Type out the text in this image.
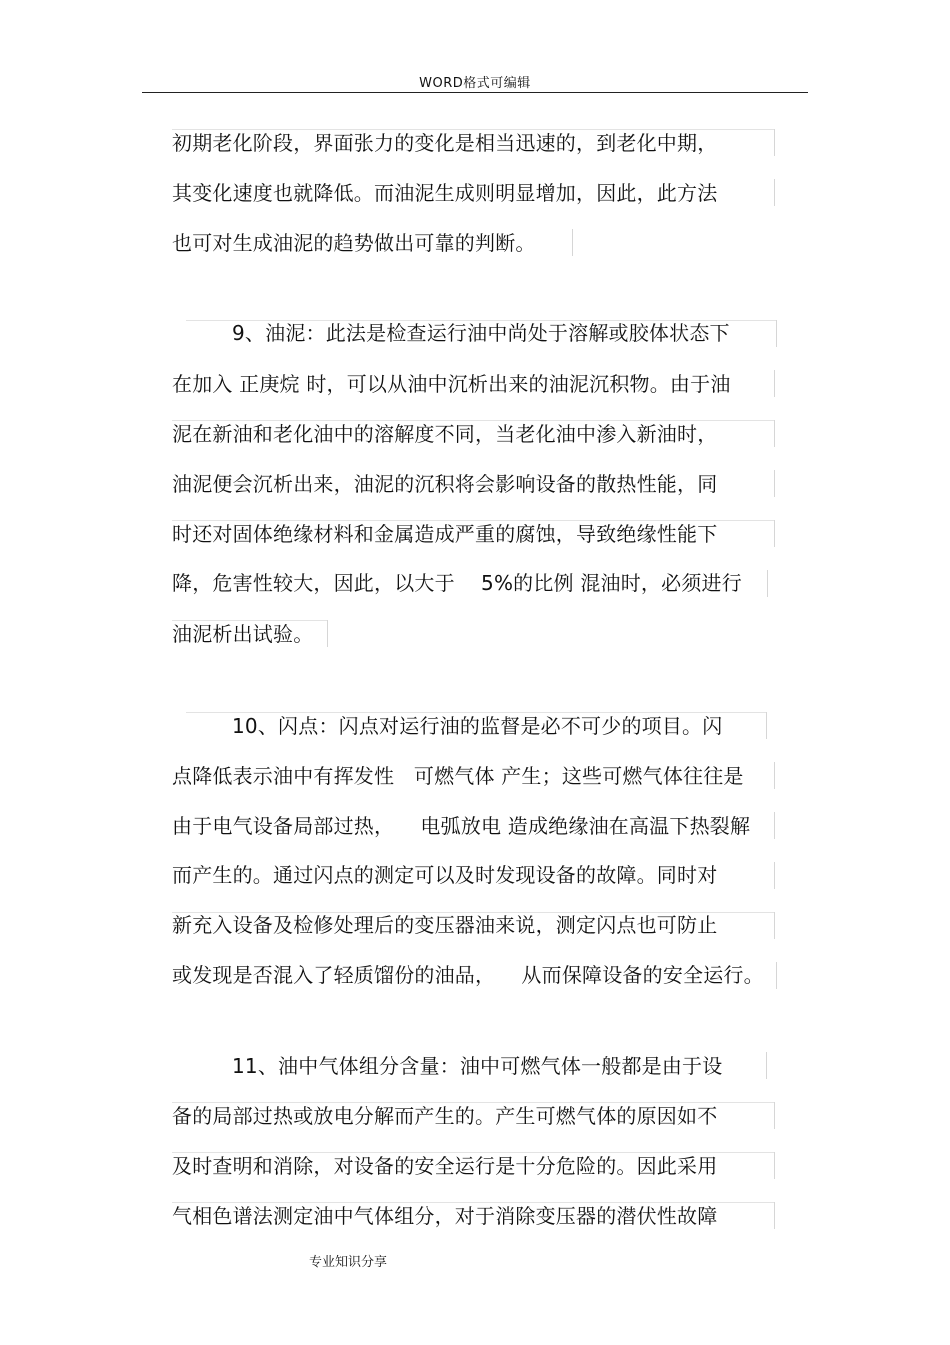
WORD格式可编辑
初期老化阶段，界面张力的变化是相当迅速的，到老化中期，
其变化速度也就降低。而油泥生成则明显增加，因此，此方法
也可对生成油泥的趋势做出可靠的判断。
9、油泥：此法是检查运行油中尚处于溶解或胶体状态下
在加入 正庚烷 时，可以从油中沉析出来的油泥沉积物。由于油
泥在新油和老化油中的溶解度不同，当老化油中渗入新油时，
油泥便会沉析出来，油泥的沉积将会影响设备的散热性能，同
时还对固体绝缘材料和金属造成严重的腐蚀，导致绝缘性能下
降，危害性较大，因此，以大于    5%的比例 混油时，必须进行
油泥析出试验。
10、闪点：闪点对运行油的监督是必不可少的项目。闪
点降低表示油中有挥发性   可燃气体 产生；这些可燃气体往往是
由于电气设备局部过热，    电弧放电 造成绝缘油在高温下热裂解
而产生的。通过闪点的测定可以及时发现设备的故障。同时对
新充入设备及检修处理后的变压器油来说，测定闪点也可防止
或发现是否混入了轻质馏份的油品，    从而保障设备的安全运行。
11、油中气体组分含量：油中可燃气体一般都是由于设
备的局部过热或放电分解而产生的。产生可燃气体的原因如不
及时查明和消除，对设备的安全运行是十分危险的。因此采用
气相色谱法测定油中气体组分，对于消除变压器的潜伏性故障
专业知识分享
